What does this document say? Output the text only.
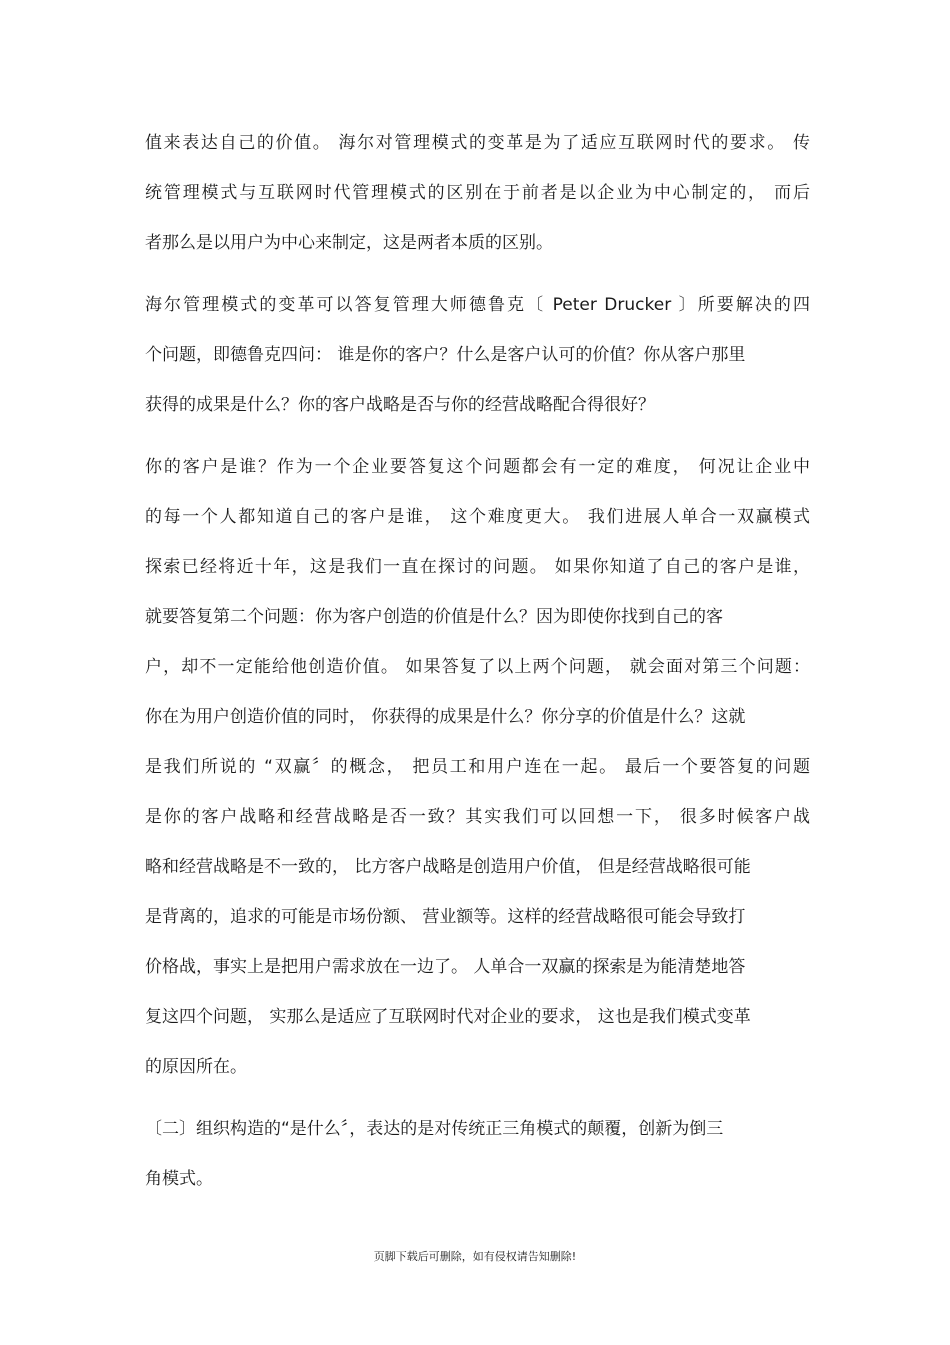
值来表达自己的价值。 海尔对管理模式的变革是为了适应互联网时代的要求。 传
统管理模式与互联网时代管理模式的区别在于前者是以企业为中心制定的， 而后
者那么是以用户为中心来制定，这是两者本质的区别。
海尔管理模式的变革可以答复管理大师德鲁克〔 Peter Drucker 〕所要解决的四
个问题，即德鲁克四问： 谁是你的客户？什么是客户认可的价值？你从客户那里
获得的成果是什么？你的客户战略是否与你的经营战略配合得很好？
你的客户是谁？作为一个企业要答复这个问题都会有一定的难度， 何况让企业中
的每一个人都知道自己的客户是谁， 这个难度更大。 我们进展人单合一双赢模式
探索已经将近十年，这是我们一直在探讨的问题。 如果你知道了自己的客户是谁，
就要答复第二个问题：你为客户创造的价值是什么？因为即使你找到自己的客
户，却不一定能给他创造价值。 如果答复了以上两个问题， 就会面对第三个问题：
你在为用户创造价值的同时， 你获得的成果是什么？你分享的价值是什么？这就
是我们所说的 “双赢〞的概念， 把员工和用户连在一起。 最后一个要答复的问题
是你的客户战略和经营战略是否一致？其实我们可以回想一下， 很多时候客户战
略和经营战略是不一致的， 比方客户战略是创造用户价值， 但是经营战略很可能
是背离的，追求的可能是市场份额、 营业额等。这样的经营战略很可能会导致打
价格战，事实上是把用户需求放在一边了。 人单合一双赢的探索是为能清楚地答
复这四个问题， 实那么是适应了互联网时代对企业的要求， 这也是我们模式变革
的原因所在。
〔二〕组织构造的“是什么〞，表达的是对传统正三角模式的颠覆，创新为倒三
角模式。
页脚下载后可删除，如有侵权请告知删除!
